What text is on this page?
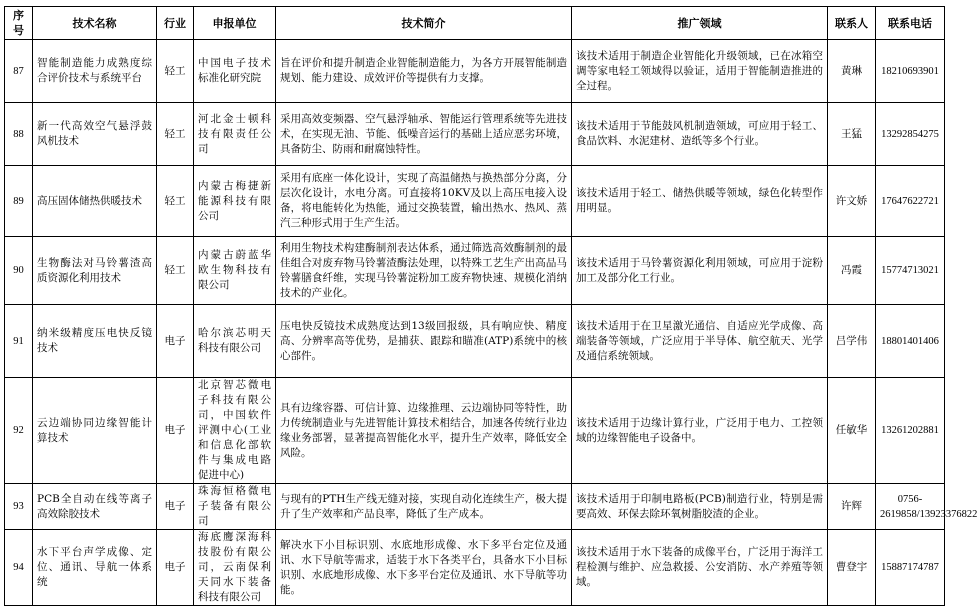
序号	技术名称	行业	申报单位	技术简介	推广领域	联系人	联系电话
87	智能制造能力成熟度综合评价技术与系统平台	轻工	中国电子技术标准化研究院	旨在评价和提升制造企业智能制造能力，为各方开展智能制造规划、能力建设、成效评价等提供有力支撑。	该技术适用于制造企业智能化升级领域，已在冰箱空调等家电轻工领域得以验证，适用于智能制造推进的全过程。	黄琳	18210693901
88	新一代高效空气悬浮鼓风机技术	轻工	河北金士顿科技有限责任公司	采用高效变频器、空气悬浮轴承、智能运行管理系统等先进技术，在实现无油、节能、低噪音运行的基础上适应恶劣环境，具备防尘、防雨和耐腐蚀特性。	该技术适用于节能鼓风机制造领域，可应用于轻工、食品饮料、水泥建材、造纸等多个行业。	王猛	13292854275
89	高压固体储热供暖技术	轻工	内蒙古梅捷新能源科技有限公司	采用有底座一体化设计，实现了高温储热与换热部分分离，分层次化设计，水电分离。可直接将10KV及以上高压电接入设备，将电能转化为热能，通过交换装置，输出热水、热风、蒸汽三种形式用于生产生活。	该技术适用于轻工、储热供暖等领域，绿色化转型作用明显。	许文娇	17647622721
90	生物酶法对马铃薯渣高质资源化利用技术	轻工	内蒙古蔚蓝华欧生物科技有限公司	利用生物技术构建酶制剂表达体系，通过筛选高效酶制剂的最佳组合对废弃物马铃薯渣酶法处理，以特殊工艺生产出高品马铃薯膳食纤维，实现马铃薯淀粉加工废弃物快速、规模化消纳技术的产业化。	该技术适用于马铃薯资源化利用领域，可应用于淀粉加工及部分化工行业。	冯霞	15774713021
91	纳米级精度压电快反镜技术	电子	哈尔滨芯明天科技有限公司	压电快反镜技术成熟度达到13级回报级，具有响应快、精度高、分辨率高等优势，是捕获、跟踪和瞄准(ATP)系统中的核心部件。	该技术适用于在卫星激光通信、自适应光学成像、高端装备等领域，广泛应用于半导体、航空航天、光学及通信系统领域。	吕学伟	18801401406
92	云边端协同边缘智能计算技术	电子	北京智芯微电子科技有限公司，中国软件评测中心(工业和信息化部软件与集成电路促进中心)	具有边缘容器、可信计算、边缘推理、云边端协同等特性，助力传统制造业与先进智能计算技术相结合，加速各传统行业边缘业务部署，显著提高智能化水平，提升生产效率，降低安全风险。	该技术适用于边缘计算行业，广泛用于电力、工控领域的边缘智能电子设备中。	任敏华	13261202881
93	PCB全自动在线等离子高效除胶技术	电子	珠海恒格微电子装备有限公司	与现有的PTH生产线无缝对接，实现自动化连续生产，极大提升了生产效率和产品良率，降低了生产成本。	该技术适用于印制电路板(PCB)制造行业，特别是需要高效、环保去除环氧树脂胶渣的企业。	许辉	0756-2619858/13923376822
94	水下平台声学成像、定位、通讯、导航一体系统	电子	海底鹰深海科技股份有限公司，云南保利天同水下装备科技有限公司	解决水下小目标识别、水底地形成像、水下多平台定位及通讯、水下导航等需求，适装于水下各类平台，具备水下小目标识别、水底地形成像、水下多平台定位及通讯、水下导航等功能。	该技术适用于水下装备的成像平台，广泛用于海洋工程检测与维护、应急救援、公安消防、水产养殖等领域。	曹登宇	15887174787
